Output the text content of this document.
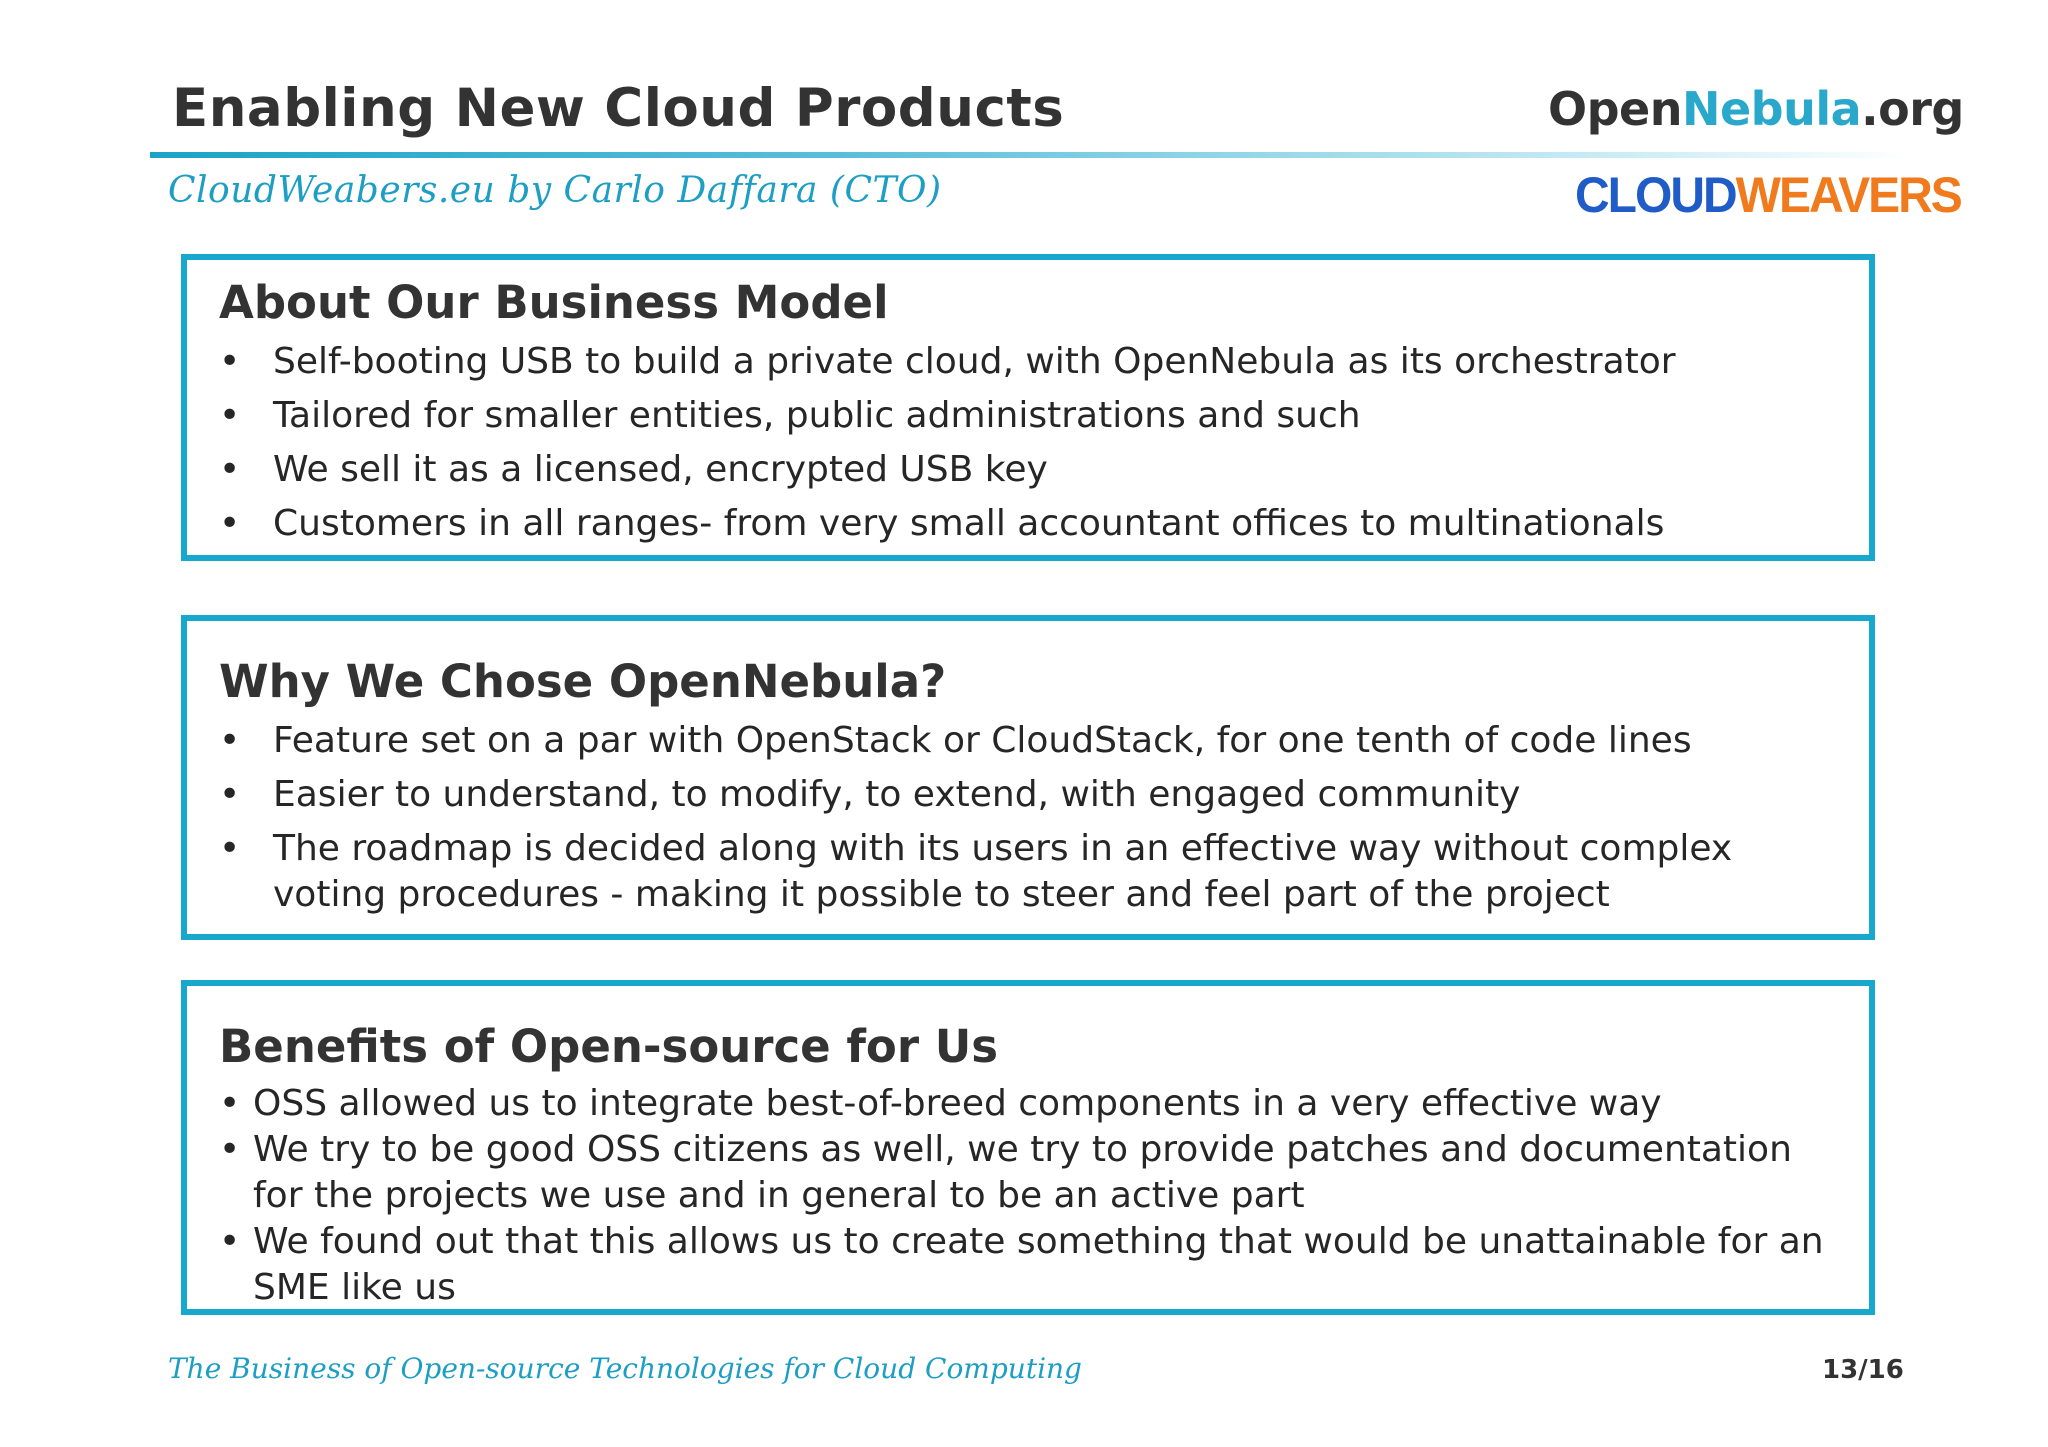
Enabling New Cloud Products	OpenNebula.org
CloudWeabers.eu by Carlo Daffara (CTO)	CLOUDWEAVERS
About Our Business Model
• Self-booting USB to build a private cloud, with OpenNebula as its orchestrator
• Tailored for smaller entities, public administrations and such
• We sell it as a licensed, encrypted USB key
• Customers in all ranges- from very small accountant offices to multinationals
Why We Chose OpenNebula?
• Feature set on a par with OpenStack or CloudStack, for one tenth of code lines
• Easier to understand, to modify, to extend, with engaged community
• The roadmap is decided along with its users in an effective way without complex voting procedures - making it possible to steer and feel part of the project
Benefits of Open-source for Us
• OSS allowed us to integrate best-of-breed components in a very effective way
• We try to be good OSS citizens as well, we try to provide patches and documentation for the projects we use and in general to be an active part
• We found out that this allows us to create something that would be unattainable for an SME like us
The Business of Open-source Technologies for Cloud Computing	13/16
